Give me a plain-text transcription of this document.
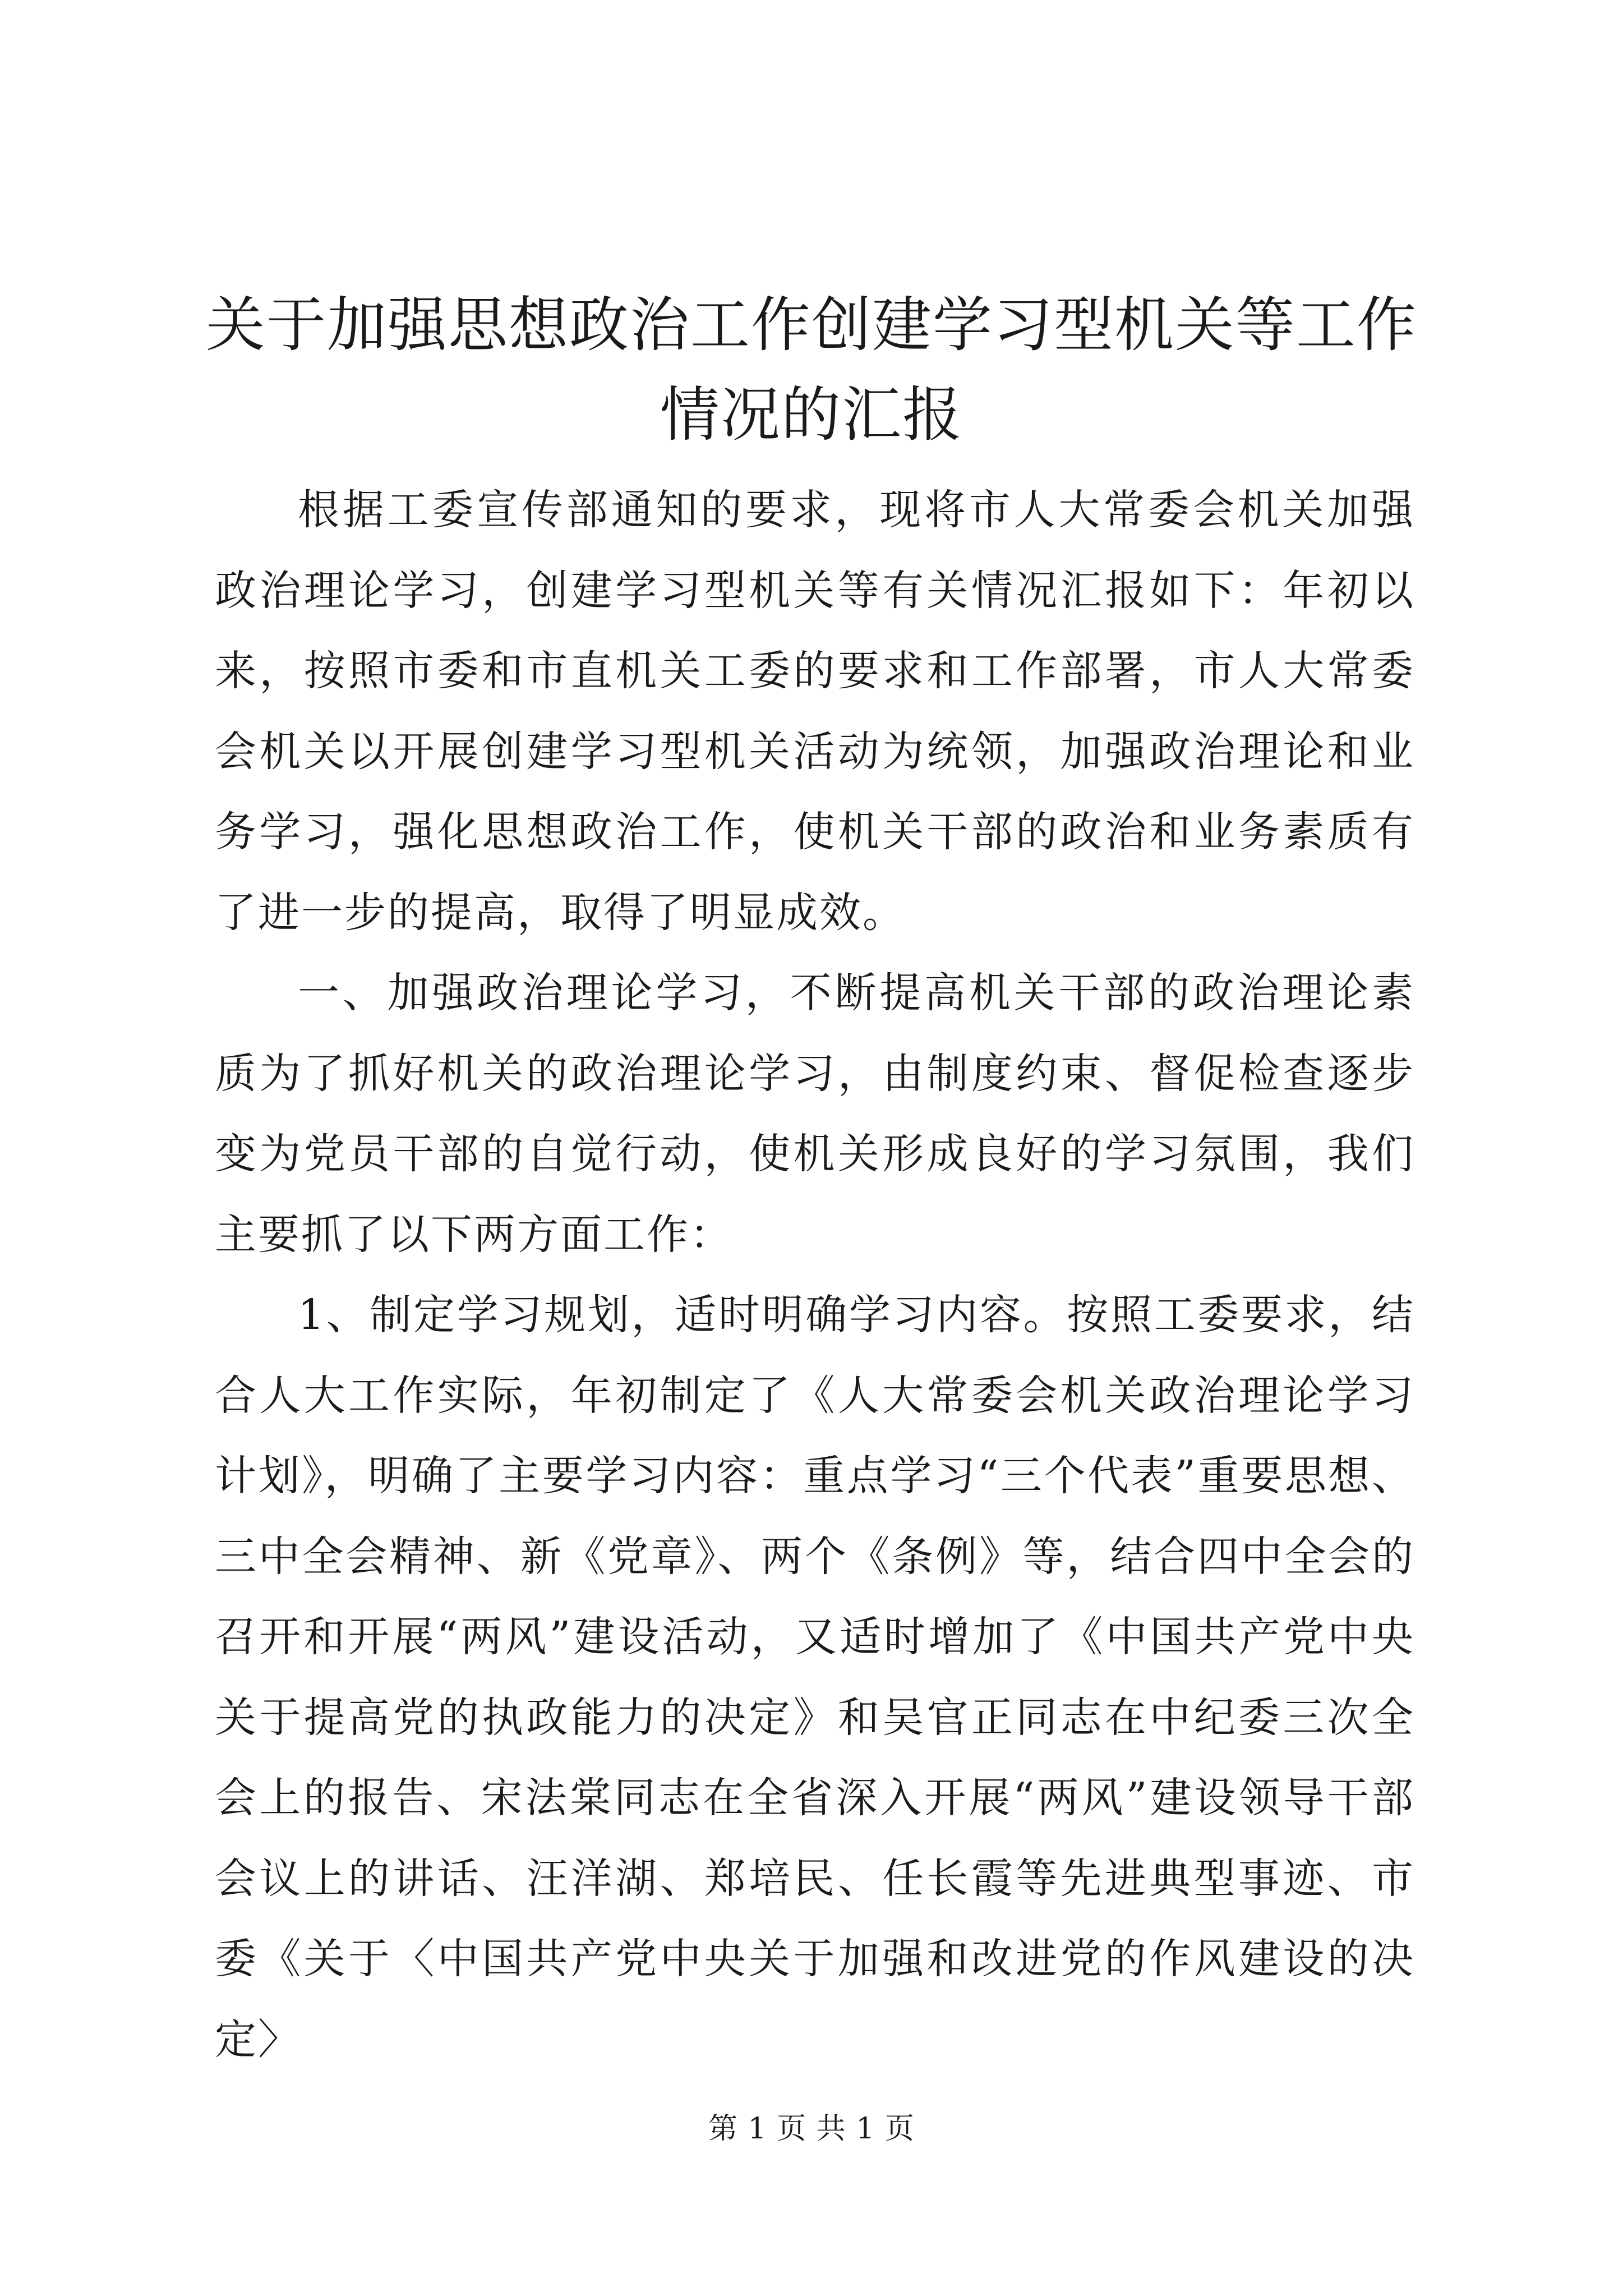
关于加强思想政治工作创建学习型机关等工作
情况的汇报

根据工委宣传部通知的要求，现将市人大常委会机关加强政治理论学习，创建学习型机关等有关情况汇报如下：年初以来，按照市委和市直机关工委的要求和工作部署，市人大常委会机关以开展创建学习型机关活动为统领，加强政治理论和业务学习，强化思想政治工作，使机关干部的政治和业务素质有了进一步的提高，取得了明显成效。

一、加强政治理论学习，不断提高机关干部的政治理论素质为了抓好机关的政治理论学习，由制度约束、督促检查逐步变为党员干部的自觉行动，使机关形成良好的学习氛围，我们主要抓了以下两方面工作：

1、制定学习规划，适时明确学习内容。按照工委要求，结合人大工作实际，年初制定了《人大常委会机关政治理论学习计划》，明确了主要学习内容：重点学习“三个代表”重要思想、三中全会精神、新《党章》、两个《条例》等，结合四中全会的召开和开展“两风”建设活动，又适时增加了《中国共产党中央关于提高党的执政能力的决定》和吴官正同志在中纪委三次全会上的报告、宋法棠同志在全省深入开展“两风”建设领导干部会议上的讲话、汪洋湖、郑培民、任长霞等先进典型事迹、市委《关于〈中国共产党中央关于加强和改进党的作风建设的决定〉

第 1 页 共 1 页
